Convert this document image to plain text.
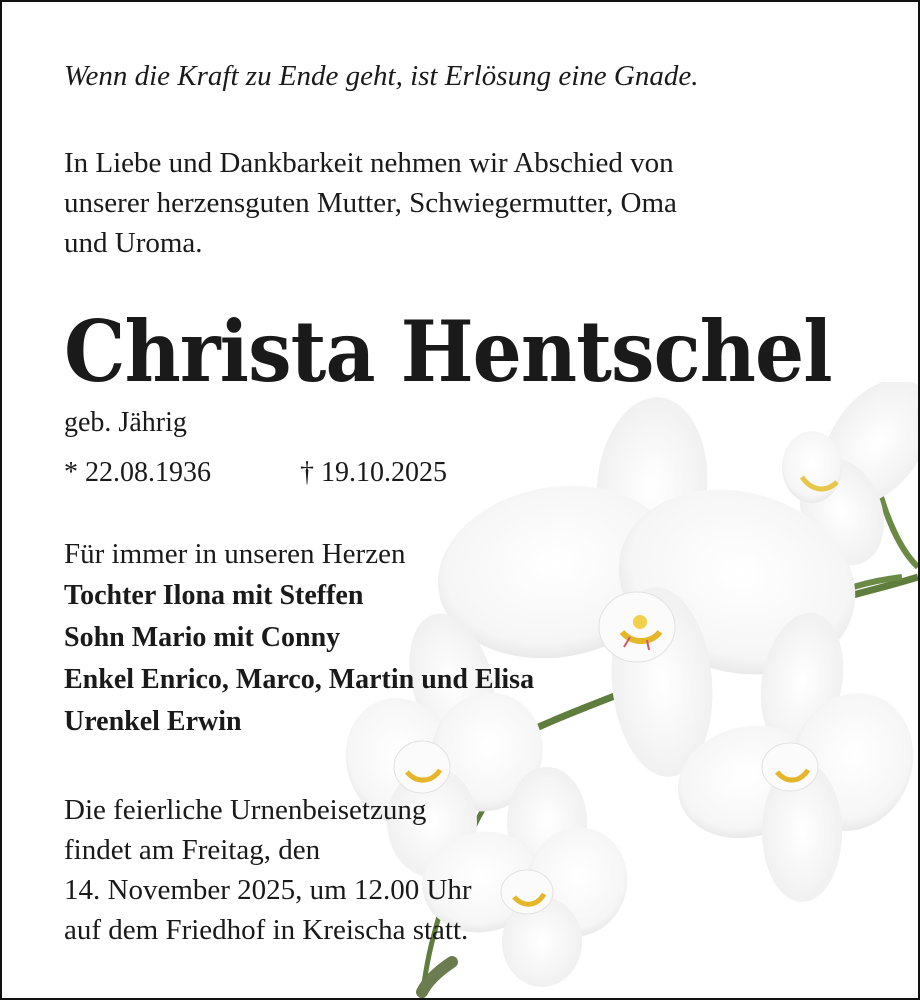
Wenn die Kraft zu Ende geht, ist Erlösung eine Gnade.
In Liebe und Dankbarkeit nehmen wir Abschied von
unserer herzensguten Mutter, Schwiegermutter, Oma
und Uroma.
Christa Hentschel
geb. Jährig
* 22.08.1936	† 19.10.2025
Für immer in unseren Herzen
Tochter Ilona mit Steffen
Sohn Mario mit Conny
Enkel Enrico, Marco, Martin und Elisa
Urenkel Erwin
Die feierliche Urnenbeisetzung
findet am Freitag, den
14. November 2025, um 12.00 Uhr
auf dem Friedhof in Kreischa statt.
